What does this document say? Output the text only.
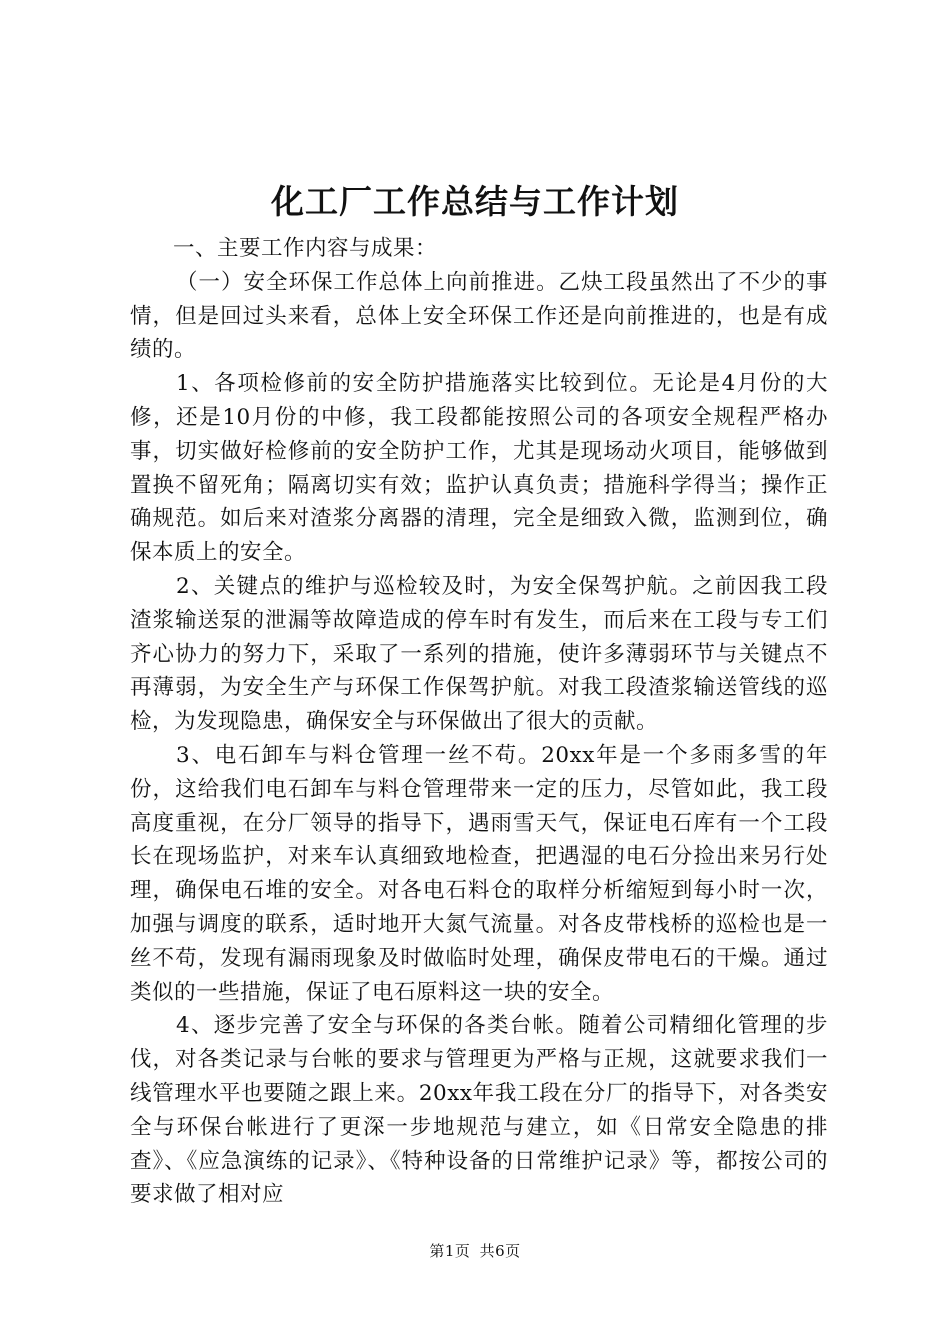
化工厂工作总结与工作计划

一、主要工作内容与成果：

（一）安全环保工作总体上向前推进。乙炔工段虽然出了不少的事情，但是回过头来看，总体上安全环保工作还是向前推进的，也是有成绩的。

1、各项检修前的安全防护措施落实比较到位。无论是4月份的大修，还是10月份的中修，我工段都能按照公司的各项安全规程严格办事，切实做好检修前的安全防护工作，尤其是现场动火项目，能够做到置换不留死角；隔离切实有效；监护认真负责；措施科学得当；操作正确规范。如后来对渣浆分离器的清理，完全是细致入微，监测到位，确保本质上的安全。

2、关键点的维护与巡检较及时，为安全保驾护航。之前因我工段渣浆输送泵的泄漏等故障造成的停车时有发生，而后来在工段与专工们齐心协力的努力下，采取了一系列的措施，使许多薄弱环节与关键点不再薄弱，为安全生产与环保工作保驾护航。对我工段渣浆输送管线的巡检，为发现隐患，确保安全与环保做出了很大的贡献。

3、电石卸车与料仓管理一丝不苟。20xx年是一个多雨多雪的年份，这给我们电石卸车与料仓管理带来一定的压力，尽管如此，我工段高度重视，在分厂领导的指导下，遇雨雪天气，保证电石库有一个工段长在现场监护，对来车认真细致地检查，把遇湿的电石分捡出来另行处理，确保电石堆的安全。对各电石料仓的取样分析缩短到每小时一次，加强与调度的联系，适时地开大氮气流量。对各皮带栈桥的巡检也是一丝不苟，发现有漏雨现象及时做临时处理，确保皮带电石的干燥。通过类似的一些措施，保证了电石原料这一块的安全。

4、逐步完善了安全与环保的各类台帐。随着公司精细化管理的步伐，对各类记录与台帐的要求与管理更为严格与正规，这就要求我们一线管理水平也要随之跟上来。20xx年我工段在分厂的指导下，对各类安全与环保台帐进行了更深一步地规范与建立，如《日常安全隐患的排查》、《应急演练的记录》、《特种设备的日常维护记录》等，都按公司的要求做了相对应

第1页 共6页
